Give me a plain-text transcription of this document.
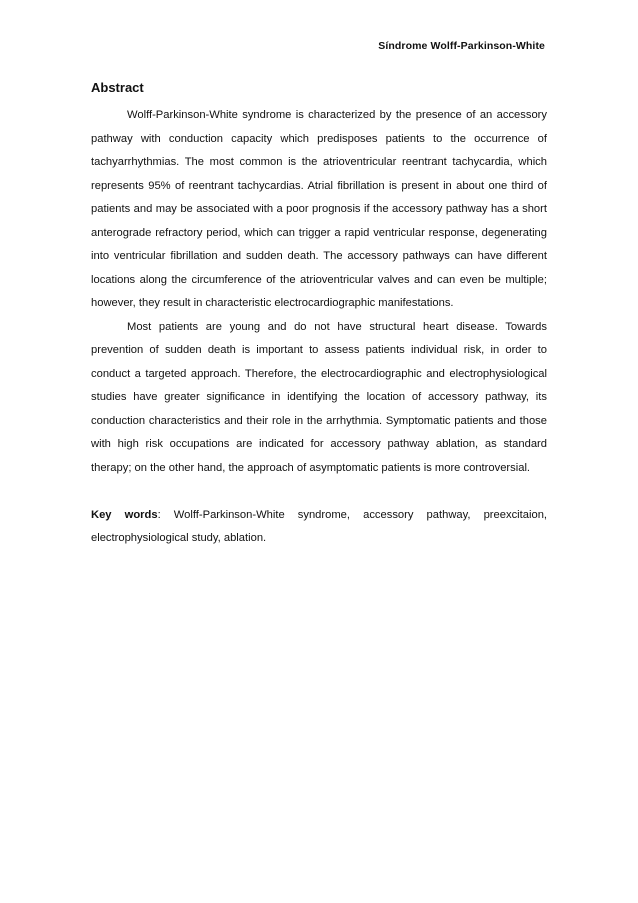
Síndrome Wolff-Parkinson-White
Abstract

Wolff-Parkinson-White syndrome is characterized by the presence of an accessory pathway with conduction capacity which predisposes patients to the occurrence of tachyarrhythmias. The most common is the atrioventricular reentrant tachycardia, which represents 95% of reentrant tachycardias. Atrial fibrillation is present in about one third of patients and may be associated with a poor prognosis if the accessory pathway has a short anterograde refractory period, which can trigger a rapid ventricular response, degenerating into ventricular fibrillation and sudden death. The accessory pathways can have different locations along the circumference of the atrioventricular valves and can even be multiple; however, they result in characteristic electrocardiographic manifestations.

Most patients are young and do not have structural heart disease. Towards prevention of sudden death is important to assess patients individual risk, in order to conduct a targeted approach. Therefore, the electrocardiographic and electrophysiological studies have greater significance in identifying the location of accessory pathway, its conduction characteristics and their role in the arrhythmia. Symptomatic patients and those with high risk occupations are indicated for accessory pathway ablation, as standard therapy; on the other hand, the approach of asymptomatic patients is more controversial.

Key words: Wolff-Parkinson-White syndrome, accessory pathway, preexcitaion, electrophysiological study, ablation.
